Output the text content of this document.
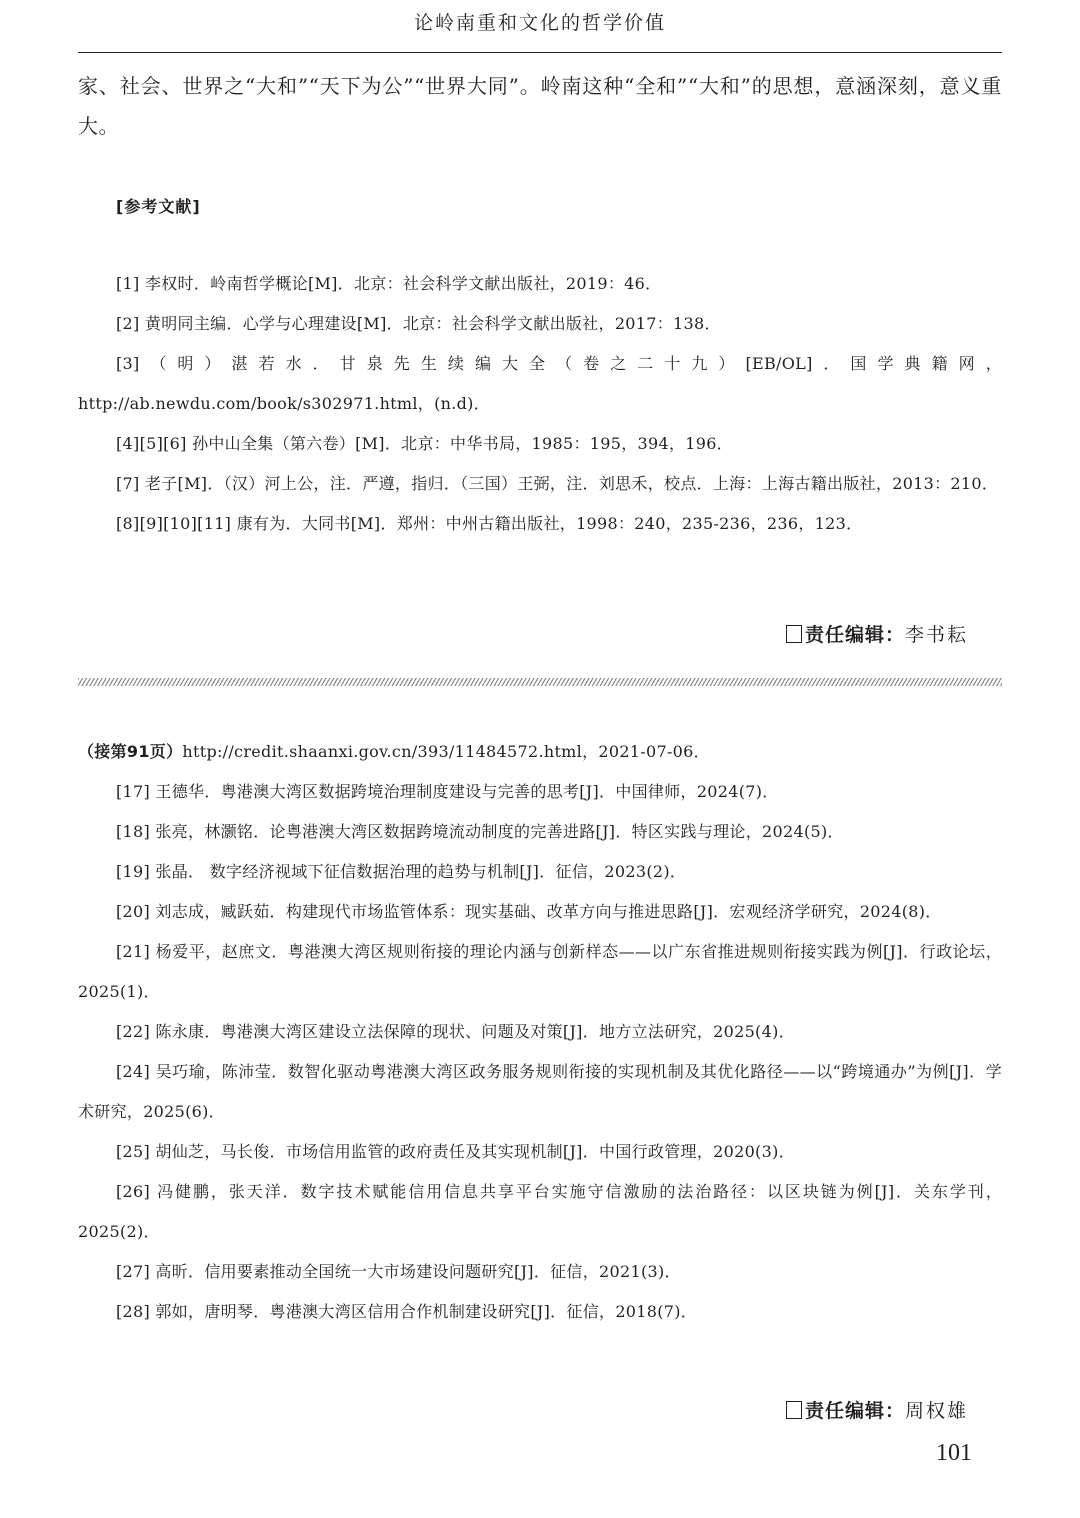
论岭南重和文化的哲学价值
家、社会、世界之“大和”“天下为公”“世界大同”。岭南这种“全和”“大和”的思想，意涵深刻，意义重大。
[参考文献]

[1] 李权时．岭南哲学概论[M]．北京：社会科学文献出版社，2019：46．

[2] 黄明同主编．心学与心理建设[M]．北京：社会科学文献出版社，2017：138．

[3]（明）湛若水．甘泉先生续编大全（卷之二十九）[EB/OL]．国学典籍网，http://ab.newdu.com/book/s302971.html，(n.d)．

[4][5][6] 孙中山全集（第六卷）[M]．北京：中华书局，1985：195，394，196．

[7] 老子[M]．（汉）河上公，注．严遵，指归．（三国）王弼，注．刘思禾，校点．上海：上海古籍出版社，2013：210．

[8][9][10][11] 康有为．大同书[M]．郑州：中州古籍出版社，1998：240，235-236，236，123．

责任编辑： 李书耘

（接第91页）http://credit.shaanxi.gov.cn/393/11484572.html，2021-07-06．

[17] 王德华．粤港澳大湾区数据跨境治理制度建设与完善的思考[J]．中国律师，2024(7)．

[18] 张亮，林灏铭．论粤港澳大湾区数据跨境流动制度的完善进路[J]．特区实践与理论，2024(5)．

[19] 张晶． 数字经济视域下征信数据治理的趋势与机制[J]．征信，2023(2)．

[20] 刘志成，臧跃茹．构建现代市场监管体系：现实基础、改革方向与推进思路[J]．宏观经济学研究，2024(8)．

[21] 杨爱平，赵庶文．粤港澳大湾区规则衔接的理论内涵与创新样态——以广东省推进规则衔接实践为例[J]．行政论坛，2025(1)．

[22] 陈永康．粤港澳大湾区建设立法保障的现状、问题及对策[J]．地方立法研究，2025(4)．

[24] 吴巧瑜，陈沛莹．数智化驱动粤港澳大湾区政务服务规则衔接的实现机制及其优化路径——以“跨境通办”为例[J]．学术研究，2025(6)．

[25] 胡仙芝，马长俊．市场信用监管的政府责任及其实现机制[J]．中国行政管理，2020(3)．

[26] 冯健鹏，张天洋．数字技术赋能信用信息共享平台实施守信激励的法治路径：以区块链为例[J]．关东学刊，2025(2)．

[27] 高昕．信用要素推动全国统一大市场建设问题研究[J]．征信，2021(3)．

[28] 郭如，唐明琴．粤港澳大湾区信用合作机制建设研究[J]．征信，2018(7)．

责任编辑： 周权雄
101
